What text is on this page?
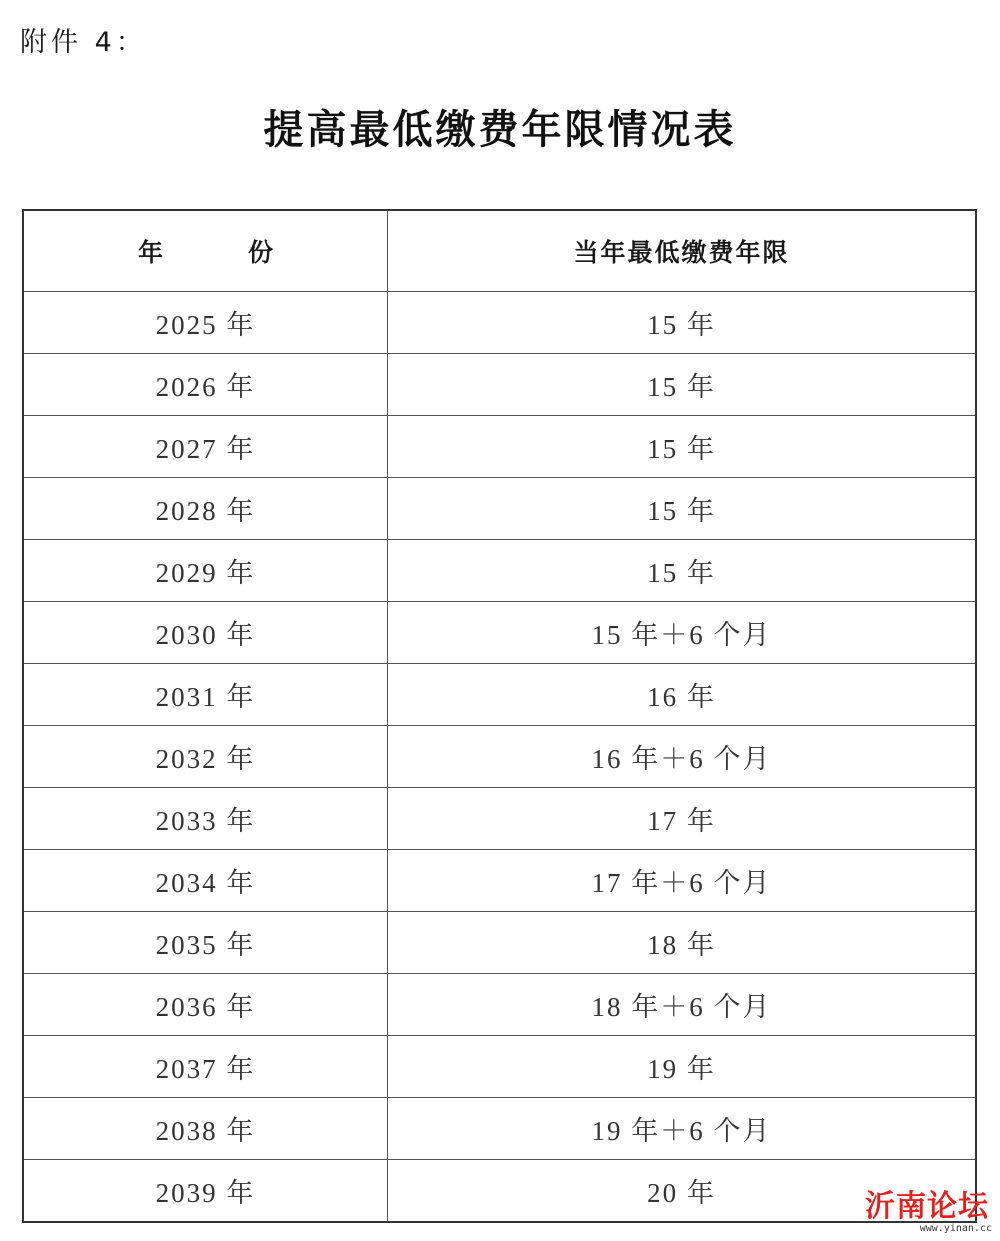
附件 4：
提高最低缴费年限情况表
年　份	当年最低缴费年限
2025 年	15 年
2026 年	15 年
2027 年	15 年
2028 年	15 年
2029 年	15 年
2030 年	15 年＋6 个月
2031 年	16 年
2032 年	16 年＋6 个月
2033 年	17 年
2034 年	17 年＋6 个月
2035 年	18 年
2036 年	18 年＋6 个月
2037 年	19 年
2038 年	19 年＋6 个月
2039 年	20 年	沂南论坛
www.yinan.cc
